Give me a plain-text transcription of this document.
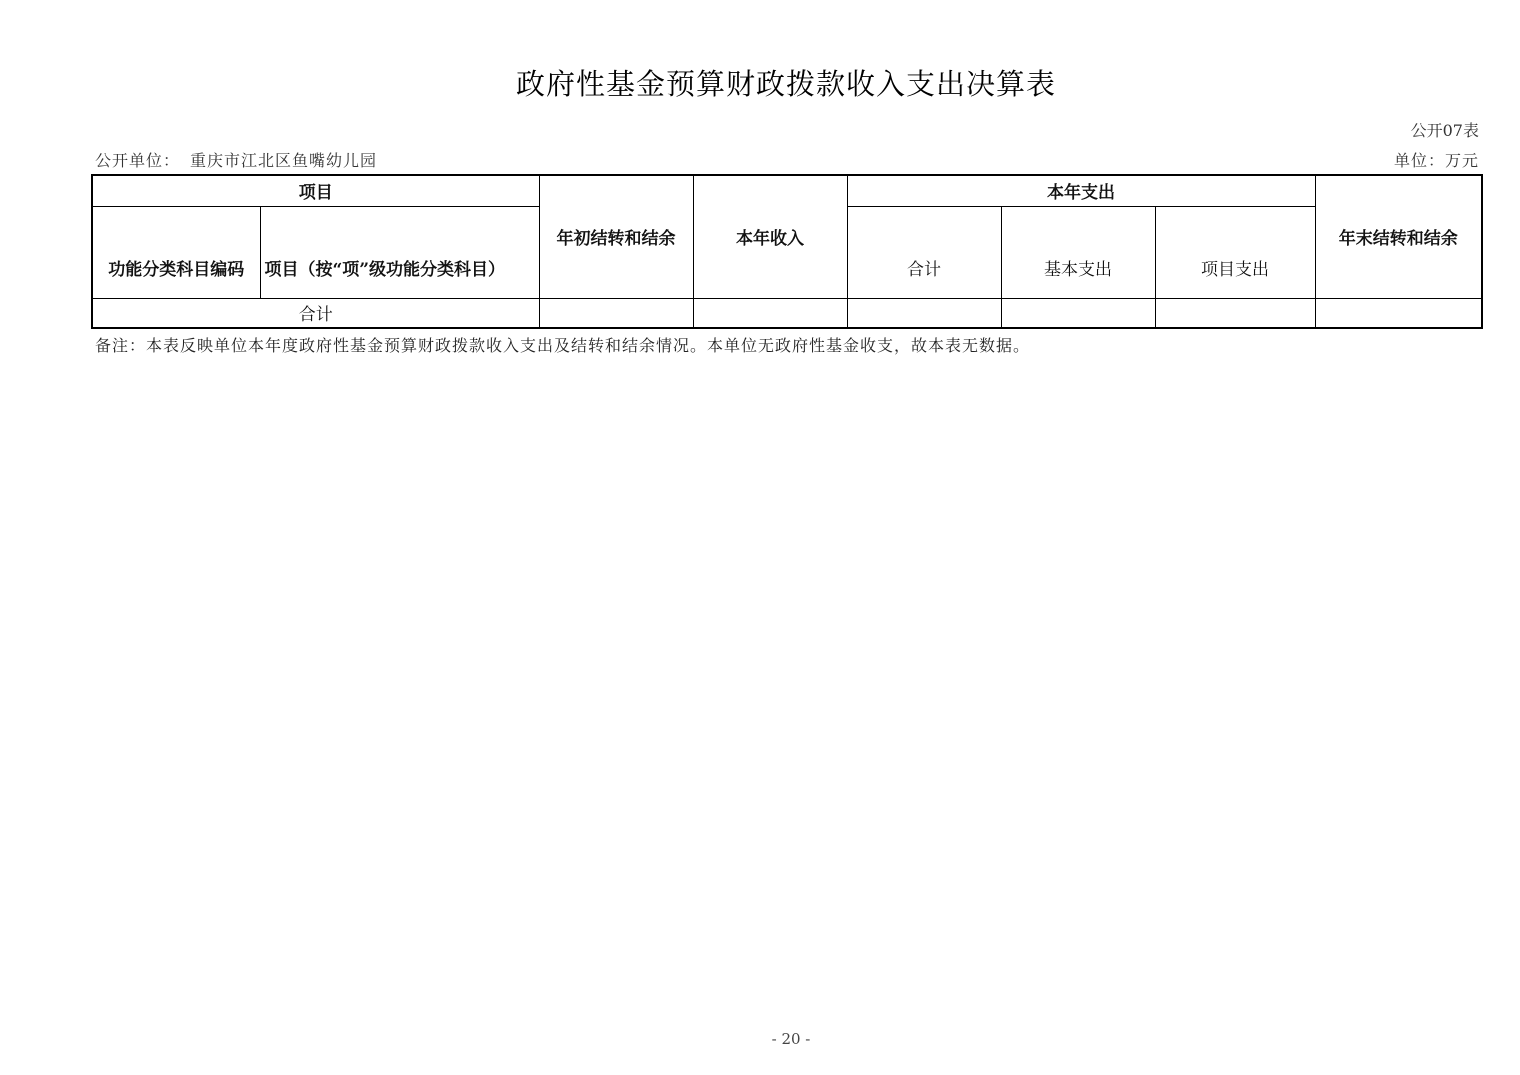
政府性基金预算财政拨款收入支出决算表
公开07表
公开单位： 重庆市江北区鱼嘴幼儿园	单位：万元
项目		年初结转和结余	本年收入	本年支出			年末结转和结余
功能分类科目编码	项目（按“项”级功能分类科目）			合计	基本支出	项目支出	
合计							
备注：本表反映单位本年度政府性基金预算财政拨款收入支出及结转和结余情况。本单位无政府性基金收支，故本表无数据。
- 20 -
